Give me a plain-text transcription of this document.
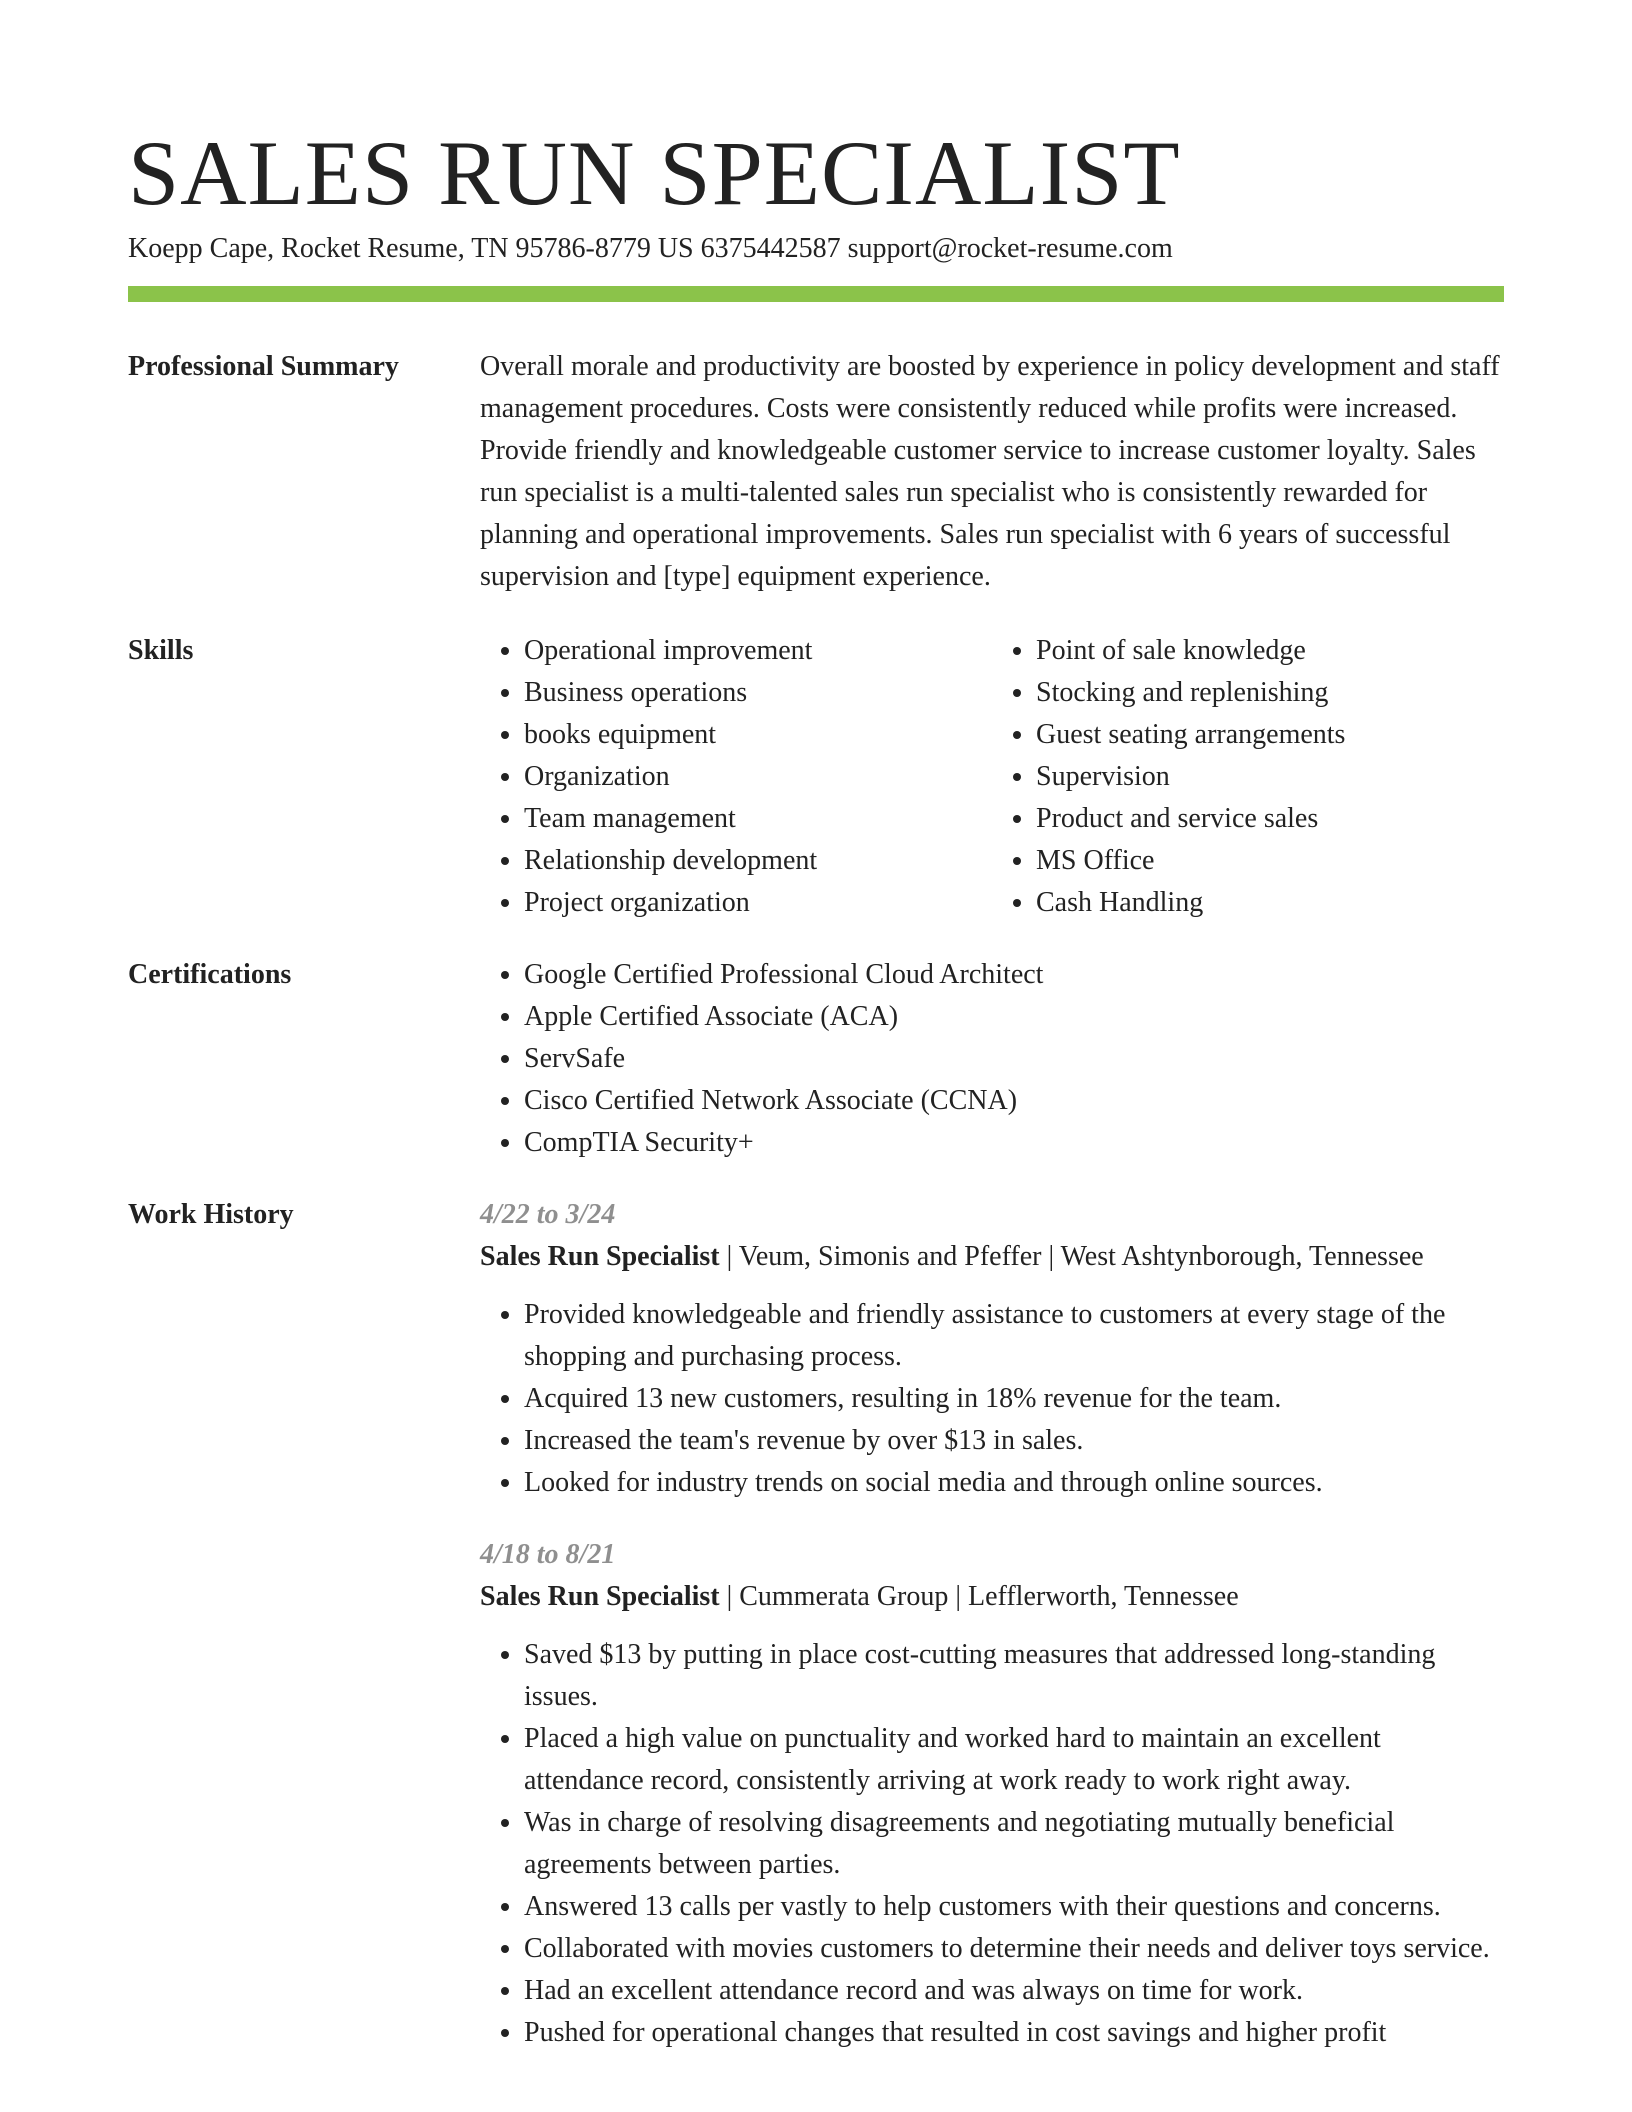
SALES RUN SPECIALIST
Koepp Cape, Rocket Resume, TN 95786-8779 US 6375442587 support@rocket-resume.com
Professional Summary	Overall morale and productivity are boosted by experience in policy development and staff management procedures. Costs were consistently reduced while profits were increased. Provide friendly and knowledgeable customer service to increase customer loyalty. Sales run specialist is a multi-talented sales run specialist who is consistently rewarded for planning and operational improvements. Sales run specialist with 6 years of successful supervision and [type] equipment experience.

Skills	• Operational improvement
• Business operations
• books equipment
• Organization
• Team management
• Relationship development
• Project organization
• Point of sale knowledge
• Stocking and replenishing
• Guest seating arrangements
• Supervision
• Product and service sales
• MS Office
• Cash Handling
Certifications	• Google Certified Professional Cloud Architect
• Apple Certified Associate (ACA)
• ServSafe
• Cisco Certified Network Associate (CCNA)
• CompTIA Security+
Work History	4/22 to 3/24
Sales Run Specialist | Veum, Simonis and Pfeffer | West Ashtynborough, Tennessee
• Provided knowledgeable and friendly assistance to customers at every stage of the shopping and purchasing process.
• Acquired 13 new customers, resulting in 18% revenue for the team.
• Increased the team's revenue by over $13 in sales.
• Looked for industry trends on social media and through online sources.
4/18 to 8/21
Sales Run Specialist | Cummerata Group | Lefflerworth, Tennessee
• Saved $13 by putting in place cost-cutting measures that addressed long-standing issues.
• Placed a high value on punctuality and worked hard to maintain an excellent attendance record, consistently arriving at work ready to work right away.
• Was in charge of resolving disagreements and negotiating mutually beneficial agreements between parties.
• Answered 13 calls per vastly to help customers with their questions and concerns.
• Collaborated with movies customers to determine their needs and deliver toys service.
• Had an excellent attendance record and was always on time for work.
• Pushed for operational changes that resulted in cost savings and higher profit
